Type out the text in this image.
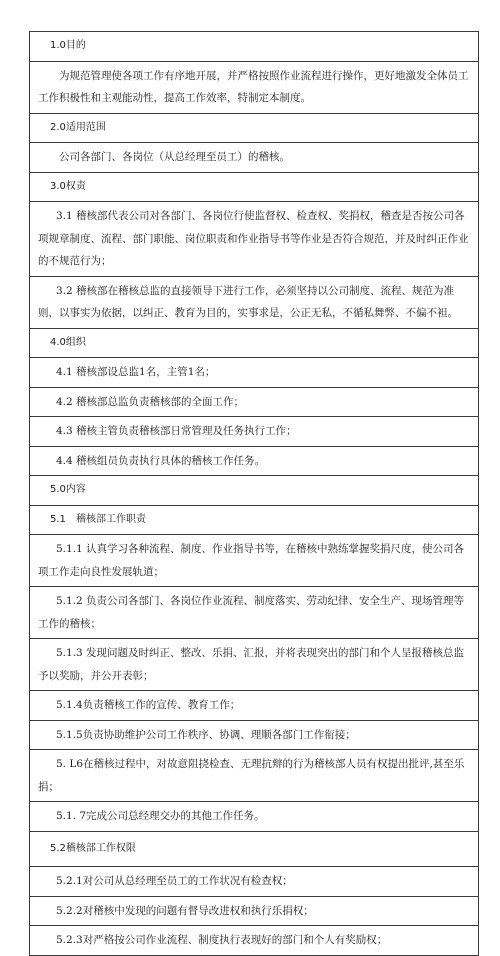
1.0目的
为规范管理使各项工作有序地开展，并严格按照作业流程进行操作，更好地激发全体员工工作积极性和主观能动性，提高工作效率，特制定本制度。
2.0适用范围
公司各部门、各岗位（从总经理至员工）的稽核。
3.0权责
3.1 稽核部代表公司对各部门、各岗位行使监督权、检查权、奖捐权，稽查是否按公司各项规章制度、流程、部门职能、岗位职责和作业指导书等作业是否符合规范，并及时纠正作业的不规范行为；
3.2 稽核部在稽核总监的直接领导下进行工作，必须坚持以公司制度、流程、规范为准则，以事实为依据，以纠正、教育为目的，实事求是，公正无私，不循私舞弊、不偏不袒。
4.0组织
4.1 稽核部设总监1名，主管1名；
4.2 稽核部总监负责稽核部的全面工作；
4.3 稽核主管负责稽核部日常管理及任务执行工作；
4.4 稽核组员负责执行具体的稽核工作任务。
5.0内容
5.1 稽核部工作职责
5.1.1 认真学习各种流程、制度、作业指导书等，在稽核中熟练掌握奖捐尺度，使公司各项工作走向良性发展轨道；
5.1.2 负责公司各部门、各岗位作业流程、制度落实、劳动纪律、安全生产、现场管理等工作的稽核；
5.1.3 发现问题及时纠正、整改、乐捐、汇报，并将表现突出的部门和个人呈报稽核总监予以奖励，并公开表彰；
5.1.4负责稽核工作的宣传、教育工作；
5.1.5负责协助维护公司工作秩序、协调、理顺各部门工作衔接；
5. L6在稽核过程中，对故意阻挠检查、无理抗辩的行为稽核部人员有权提出批评,甚至乐捐；
5.1. 7完成公司总经理交办的其他工作任务。
5.2稽核部工作权限
5.2.1对公司从总经理至员工的工作状况有检查权；
5.2.2对稽核中发现的问题有督导改进权和执行乐捐权；
5.2.3对严格按公司作业流程、制度执行表现好的部门和个人有奖励权；
